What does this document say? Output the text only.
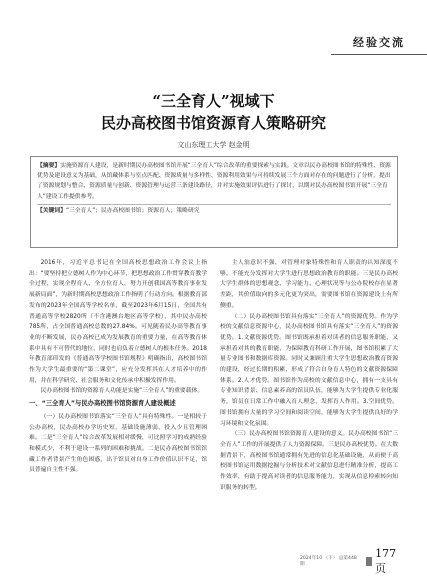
经验交流
“三全育人”视域下
民办高校图书馆资源育人策略研究
文山东理工大学 赵金明
【摘要】实施资源育人建设，是新时期民办高校图书馆开展“三全育人”综合改革的重要探索与实践。文章以民办高校图书馆的特殊性、资源优势及建设意义为基础，从馆藏体系与室点匹配、资源质量与多样性、资源利用效果与可持续发展三个方面对存在的问题进行了分析，提出了资源规划与整合、资源质量与创新、资源管理与运营三条建设路径，并对实施效果评估进行了探讨，以期对民办高校图书馆开展“三全育人”建设工作提供参考。
【关键词】“三全育人”；民办高校图书馆；资源育人；策略研究

2016年，习近平总书记在全国高校思想政治工作会议上指出：“要坚持把立德树人作为中心环节，把思想政治工作贯穿教育教学全过程，实现全程育人、全方位育人，努力开创我国高等教育事业发展新局面”，为新时期高校思想政治工作指明了行动方向。根据教育部发布的2023年全国高等学校名单，截至2023年6月15日，全国共有普通高等学校2820所（不含港澳台地区高等学校），其中民办高校785所，占全国普通高校总数的27.84%。可见随着民办高等教育事业的不断发展，民办高校已成为发展教育的重要力量，在高等教育体系中具有不可替代的地位，同时也肩负着立德树人的根本任务。2018年教育部印发的《普通高等学校图书馆规程》明确指出，高校图书馆作为大学生最重要的“第二课堂”，应充分发挥其在人才培养中的作用，并在科学研究、社会服务和文化传承中积极发挥作用。

民办高校图书馆的资源育人功能是实施“三全育人”的重要载体。

一、“三全育人”与民办高校图书馆资源育人建设概述

（一）民办高校图书馆落实“三全育人”具有特殊性。一是相较于公办高校，民办高校办学历史短，基础设施薄弱，投入少且管理困难。二是“三全育人”综合改革发展相对缓慢，可比照学习的成熟经验和模式少，不利于建设一系列的困难和挑战。二是民办高校图书馆馆藏工作者背景产生角色困惑，出于馆员对自身工作价值认识不足，馆员普遍自主性不强。

主人翁意识不强，对管理对象特殊性和育人职责的认知深度不够，不能充分发挥对大学生进行思想政治教育的职能。三是民办高校大学生群体的思想观念、学习能力、心理状况等与公办院校存在显著差距，其价值取向的多元化更为突出，需要图书馆在资源建设上有所侧重。

（二）民办高校图书馆具有落实“三全育人”的资源优势。作为学校的文献信息资源中心，民办高校图书馆具有落实“三全育人”的资源优势。1.文献资源优势。图书馆既承担着对读者的信息服务职能，又承担着对其的教育职能，为保障教育科研工作开展，图书馆积累了大量专业图书和数据库资源。同时又兼顾注重大学生思想政治教育资源的建设，经过长期的积累，形成了符合自身育人特色的文献资源保障体系。2.人才优势。图书馆作为高校的文献信息中心，拥有一支具有专业知识背景、信息素养高的馆员队伍，能够为大学生提供专业化服务，馆员在日常工作中融入育人理念，发挥育人作用。3.空间优势。图书馆拥有大量的学习空间和阅读空间，能够为大学生提供良好的学习环境和文化氛围。

（三）民办高校图书馆资源育人建设的意义。民办高校图书馆“三全育人”工作的开展提供了人力资源保障。三是民办高校优势。在大数据背景下，高校图书馆通常拥有先进的信息化基础设施，从而便于高校图书馆运用数据挖掘与分析技术对文献信息进行精准分析，提高工作效率，有助于提高对读者的信息服务能力，实现从信息检索转向知识服务的转型。

2024年10 （下） 总第448期
177 页
